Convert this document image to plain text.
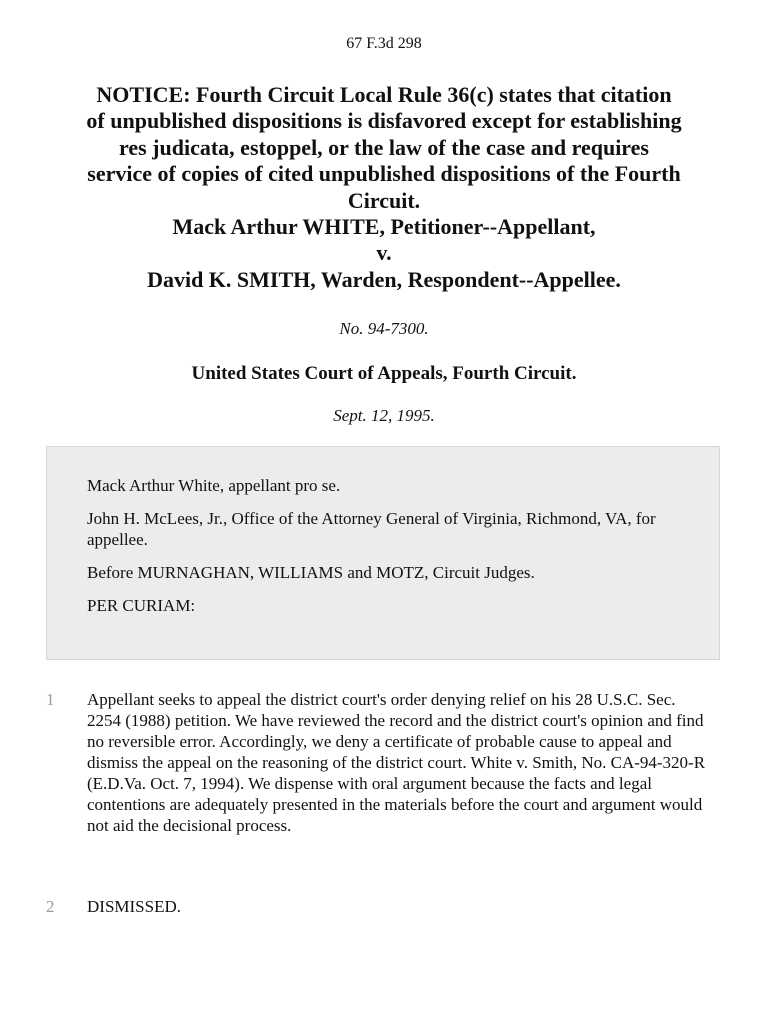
67 F.3d 298
NOTICE: Fourth Circuit Local Rule 36(c) states that citation
of unpublished dispositions is disfavored except for establishing
res judicata, estoppel, or the law of the case and requires
service of copies of cited unpublished dispositions of the Fourth
Circuit.
Mack Arthur WHITE, Petitioner--Appellant,
v.
David K. SMITH, Warden, Respondent--Appellee.
No. 94-7300.
United States Court of Appeals, Fourth Circuit.
Sept. 12, 1995.

Mack Arthur White, appellant pro se.

John H. McLees, Jr., Office of the Attorney General of Virginia, Richmond, VA, for appellee.

Before MURNAGHAN, WILLIAMS and MOTZ, Circuit Judges.

PER CURIAM:

1	Appellant seeks to appeal the district court's order denying relief on his 28 U.S.C. Sec. 2254 (1988) petition. We have reviewed the record and the district court's opinion and find no reversible error. Accordingly, we deny a certificate of probable cause to appeal and dismiss the appeal on the reasoning of the district court. White v. Smith, No. CA-94-320-R (E.D.Va. Oct. 7, 1994). We dispense with oral argument because the facts and legal contentions are adequately presented in the materials before the court and argument would not aid the decisional process.
2	DISMISSED.
